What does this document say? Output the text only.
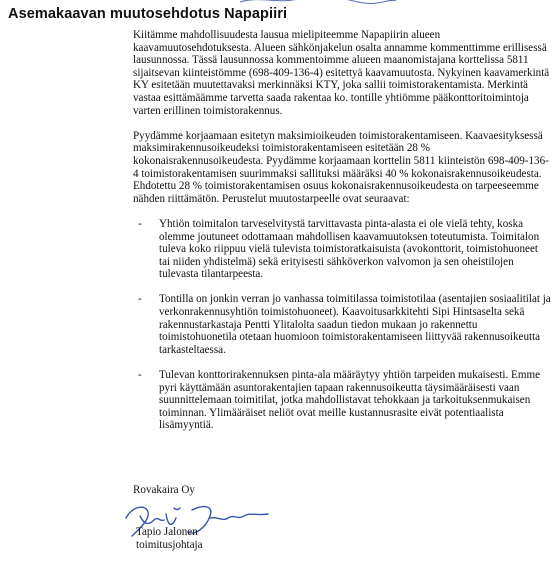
Asemakaavan muutosehdotus Napapiiri

Kiitämme mahdollisuudesta lausua mielipiteemme Napapiirin alueen kaavamuutosehdotuksesta. Alueen sähkönjakelun osalta annamme kommenttimme erillisessä lausunnossa. Tässä lausunnossa kommentoimme alueen maanomistajana korttelissa 5811 sijaitsevan kiinteistömme (698-409-136-4) esitettyä kaavamuutosta. Nykyinen kaavamerkintä KY esitetään muutettavaksi merkinnäksi KTY, joka sallii toimistorakentamista. Merkintä vastaa esittämäämme tarvetta saada rakentaa ko. tontille yhtiömme pääkonttoritoimintoja varten erillinen toimistorakennus.

Pyydämme korjaamaan esitetyn maksimioikeuden toimistorakentamiseen. Kaavaesityksessä maksimirakennusoikeudeksi toimistorakentamiseen esitetään 28 % kokonaisrakennusoikeudesta. Pyydämme korjaamaan korttelin 5811 kiinteistön 698-409-136-4 toimistorakentamisen suurimmaksi sallituksi määräksi 40 % kokonaisrakennusoikeudesta. Ehdotettu 28 % toimistorakentamisen osuus kokonaisrakennusoikeudesta on tarpeeseemme nähden riittämätön. Perustelut muutostarpeelle ovat seuraavat:

- Yhtiön toimitalon tarveselvitystä tarvittavasta pinta-alasta ei ole vielä tehty, koska olemme joutuneet odottamaan mahdollisen kaavamuutoksen toteutumista. Toimitalon tuleva koko riippuu vielä tulevista toimistoratkaisuista (avokonttorit, toimistohuoneet tai niiden yhdistelmä) sekä erityisesti sähköverkon valvomon ja sen oheistilojen tulevasta tilantarpeesta.
- Tontilla on jonkin verran jo vanhassa toimitilassa toimistotilaa (asentajien sosiaalitilat ja verkonrakennusyhtiön toimistohuoneet). Kaavoitusarkkitehti Sipi Hintsaselta sekä rakennustarkastaja Pentti Ylitalolta saadun tiedon mukaan jo rakennettu toimistohuonetila otetaan huomioon toimistorakentamiseen liittyvää rakennusoikeutta tarkasteltaessa.
- Tulevan konttorirakennuksen pinta-ala määräytyy yhtiön tarpeiden mukaisesti. Emme pyri käyttämään asuntorakentajien tapaan rakennusoikeutta täysimääräisesti vaan suunnittelemaan toimitilat, jotka mahdollistavat tehokkaan ja tarkoituksenmukaisen toiminnan. Ylimääräiset neliöt ovat meille kustannusrasite eivät potentiaalista lisämyyntiä.
Rovakaira Oy
Tapio Jalonen
toimitusjohtaja
